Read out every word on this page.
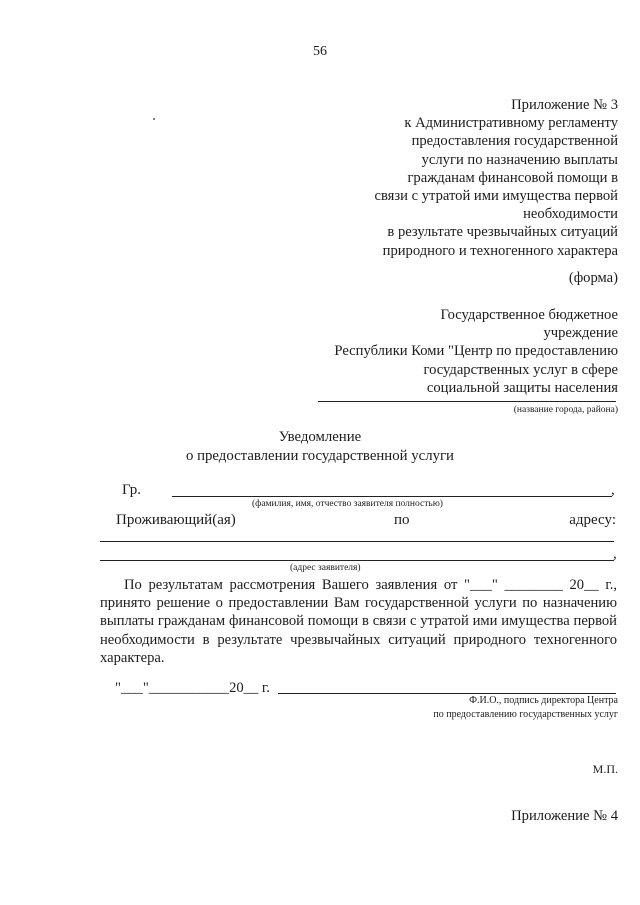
56
Приложение № 3
к Административному регламенту
предоставления государственной
услуги по назначению выплаты
гражданам финансовой помощи в
связи с утратой ими имущества первой
необходимости
в результате чрезвычайных ситуаций
природного и техногенного характера
(форма)
Государственное бюджетное
учреждение
Республики Коми "Центр по предоставлению
государственных услуг в сфере
социальной защиты населения
(название города, района)
Уведомление
о предоставлении государственной услуги
Гр.	,
(фамилия, имя, отчество заявителя полностью)
Проживающий(ая)	по	адресу:
,
(адрес заявителя)
По результатам рассмотрения Вашего заявления от "___" ________ 20__ г., принято решение о предоставлении Вам государственной услуги по назначению выплаты гражданам финансовой помощи в связи с утратой ими имущества первой необходимости в результате чрезвычайных ситуаций природного техногенного характера.
"___"___________20__ г.
Ф.И.О., подпись директора Центра
по предоставлению государственных услуг
М.П.
Приложение № 4
